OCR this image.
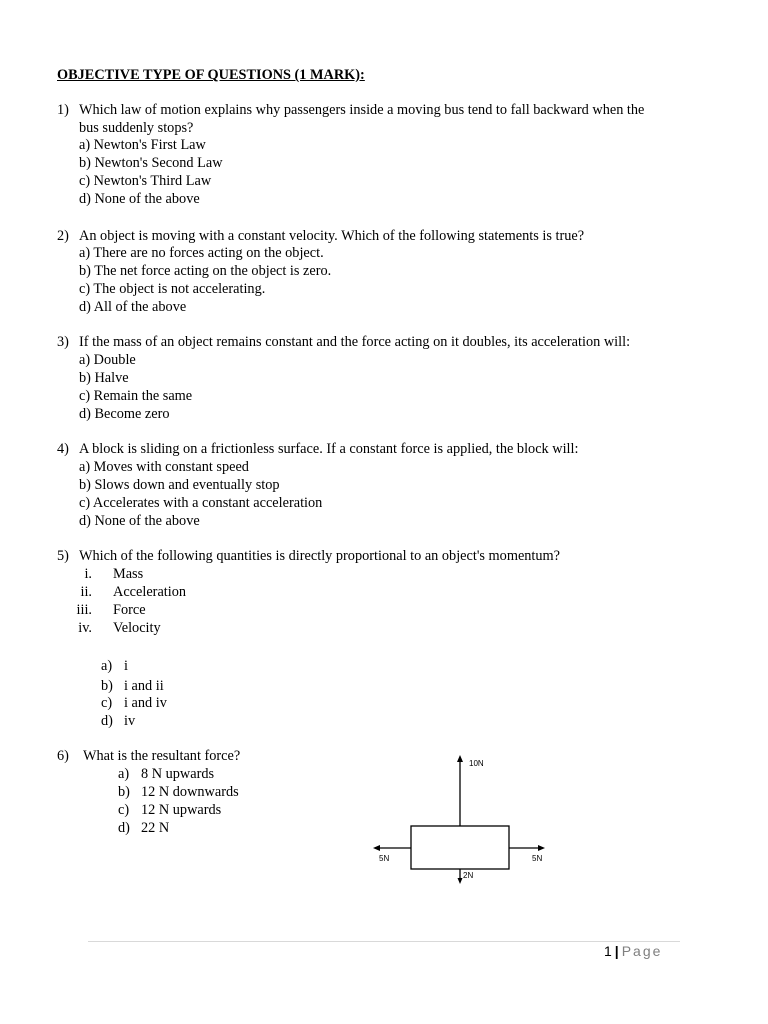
OBJECTIVE TYPE OF QUESTIONS (1 MARK):
1) Which law of motion explains why passengers inside a moving bus tend to fall backward when the
bus suddenly stops?
a) Newton's First Law
b) Newton's Second Law
c) Newton's Third Law
d) None of the above
2) An object is moving with a constant velocity. Which of the following statements is true?
a) There are no forces acting on the object.
b) The net force acting on the object is zero.
c) The object is not accelerating.
d) All of the above
3) If the mass of an object remains constant and the force acting on it doubles, its acceleration will:
a) Double
b) Halve
c) Remain the same
d) Become zero
4) A block is sliding on a frictionless surface. If a constant force is applied, the block will:
a) Moves with constant speed
b) Slows down and eventually stop
c) Accelerates with a constant acceleration
d) None of the above
5) Which of the following quantities is directly proportional to an object's momentum?
i. Mass
ii. Acceleration
iii. Force
iv. Velocity
a) i
b) i and ii
c) i and iv
d) iv
6) What is the resultant force?
a) 8 N upwards
b) 12 N downwards
c) 12 N upwards
d) 22 N
10N
5N	5N
2N
1 | Page
